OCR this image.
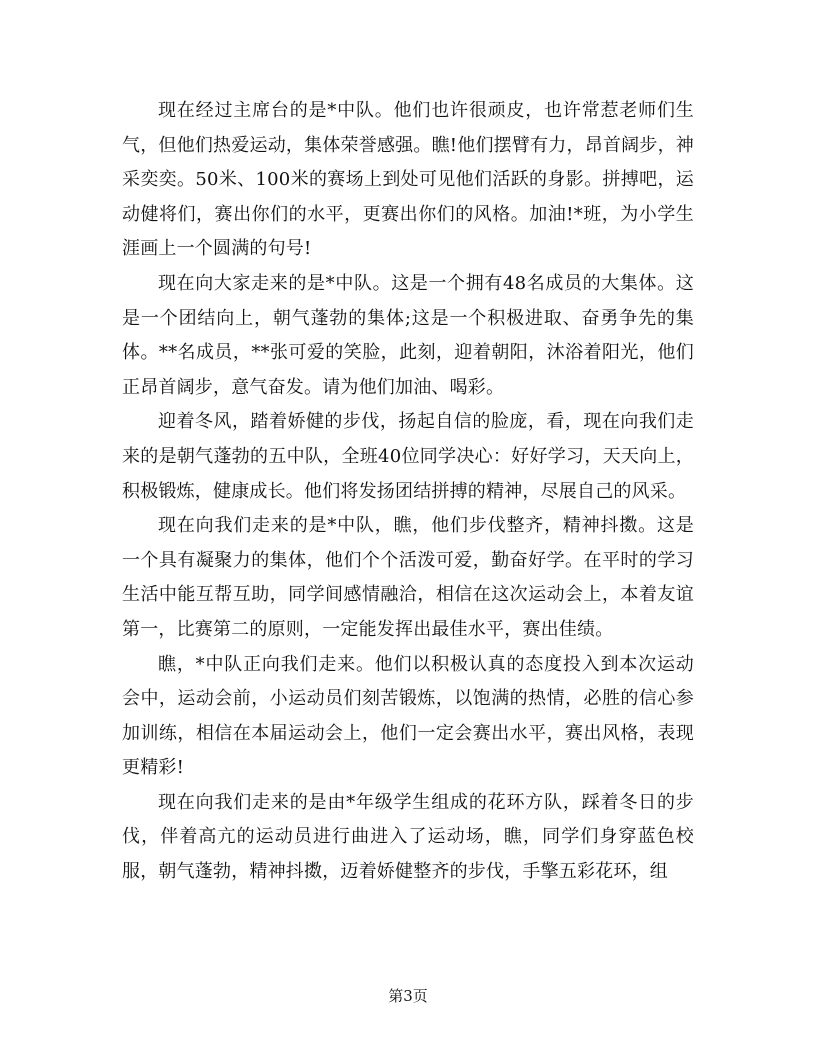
现在经过主席台的是*中队。他们也许很顽皮，也许常惹老师们生气，但他们热爱运动，集体荣誉感强。瞧!他们摆臂有力，昂首阔步，神采奕奕。50米、100米的赛场上到处可见他们活跃的身影。拼搏吧，运动健将们，赛出你们的水平，更赛出你们的风格。加油!*班，为小学生涯画上一个圆满的句号!

现在向大家走来的是*中队。这是一个拥有48名成员的大集体。这是一个团结向上，朝气蓬勃的集体;这是一个积极进取、奋勇争先的集体。**名成员，**张可爱的笑脸，此刻，迎着朝阳，沐浴着阳光，他们正昂首阔步，意气奋发。请为他们加油、喝彩。

迎着冬风，踏着娇健的步伐，扬起自信的脸庞，看，现在向我们走来的是朝气蓬勃的五中队，全班40位同学决心：好好学习，天天向上，积极锻炼，健康成长。他们将发扬团结拼搏的精神，尽展自己的风采。

现在向我们走来的是*中队，瞧，他们步伐整齐，精神抖擞。这是一个具有凝聚力的集体，他们个个活泼可爱，勤奋好学。在平时的学习生活中能互帮互助，同学间感情融洽，相信在这次运动会上，本着友谊第一，比赛第二的原则，一定能发挥出最佳水平，赛出佳绩。

瞧，*中队正向我们走来。他们以积极认真的态度投入到本次运动会中，运动会前，小运动员们刻苦锻炼，以饱满的热情，必胜的信心参加训练，相信在本届运动会上，他们一定会赛出水平，赛出风格，表现更精彩!

现在向我们走来的是由*年级学生组成的花环方队，踩着冬日的步伐，伴着高亢的运动员进行曲进入了运动场，瞧，同学们身穿蓝色校服，朝气蓬勃，精神抖擞，迈着娇健整齐的步伐，手擎五彩花环，组

第3页
